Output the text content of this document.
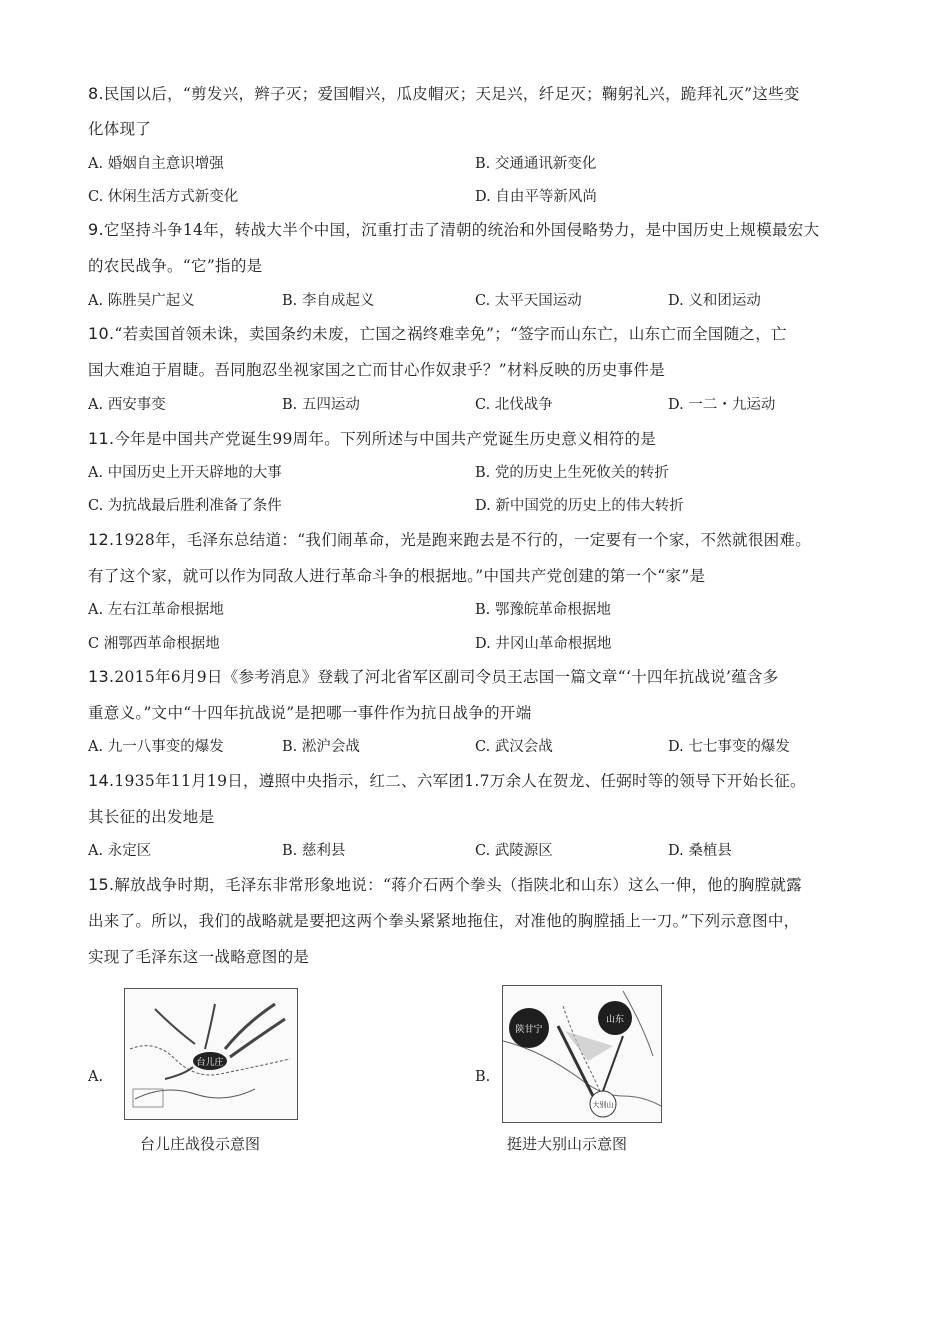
8.民国以后，“剪发兴，辫子灭；爱国帽兴，瓜皮帽灭；天足兴，纤足灭；鞠躬礼兴，跪拜礼灭”这些变
化体现了
A. 婚姻自主意识增强	B. 交通通讯新变化
C. 休闲生活方式新变化	D. 自由平等新风尚
9.它坚持斗争14年，转战大半个中国，沉重打击了清朝的统治和外国侵略势力，是中国历史上规模最宏大
的农民战争。“它”指的是
A. 陈胜吴广起义	B. 李自成起义	C. 太平天国运动	D. 义和团运动
10.“若卖国首领未诛，卖国条约未废，亡国之祸终难幸免”；“签字而山东亡，山东亡而全国随之，亡
国大难迫于眉睫。吾同胞忍坐视家国之亡而甘心作奴隶乎？”材料反映的历史事件是
A. 西安事变	B. 五四运动	C. 北伐战争	D. 一二・九运动
11.今年是中国共产党诞生99周年。下列所述与中国共产党诞生历史意义相符的是
A. 中国历史上开天辟地的大事	B. 党的历史上生死攸关的转折
C. 为抗战最后胜利准备了条件	D. 新中国党的历史上的伟大转折
12.1928年，毛泽东总结道：“我们闹革命，光是跑来跑去是不行的，一定要有一个家，不然就很困难。
有了这个家，就可以作为同敌人进行革命斗争的根据地。”中国共产党创建的第一个“家”是
A. 左右江革命根据地	B. 鄂豫皖革命根据地
C 湘鄂西革命根据地	D. 井冈山革命根据地
13.2015年6月9日《参考消息》登载了河北省军区副司令员王志国一篇文章“‘十四年抗战说’蕴含多
重意义。”文中“十四年抗战说”是把哪一事件作为抗日战争的开端
A. 九一八事变的爆发	B. 淞沪会战	C. 武汉会战	D. 七七事变的爆发
14.1935年11月19日，遵照中央指示，红二、六军团1.7万余人在贺龙、任弼时等的领导下开始长征。
其长征的出发地是
A. 永定区	B. 慈利县	C. 武陵源区	D. 桑植县
15.解放战争时期，毛泽东非常形象地说：“蒋介石两个拳头（指陕北和山东）这么一伸，他的胸膛就露
出来了。所以，我们的战略就是要把这两个拳头紧紧地拖住，对准他的胸膛插上一刀。”下列示意图中，
实现了毛泽东这一战略意图的是
A.	B.
台儿庄
台儿庄战役示意图
陕甘宁
山东
大别山
挺进大别山示意图
